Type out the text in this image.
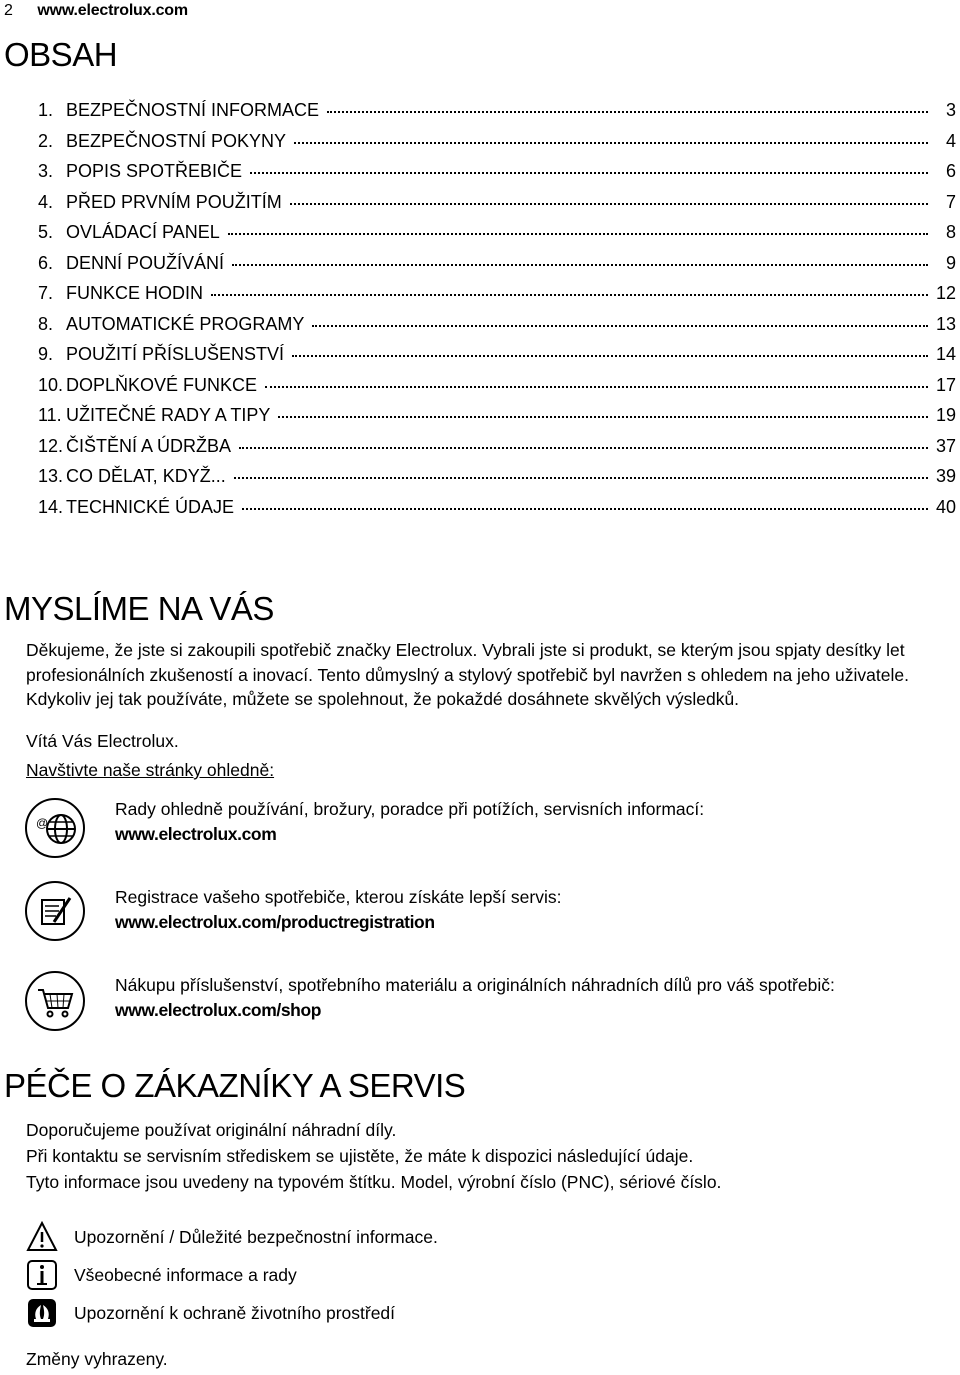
2 www.electrolux.com
OBSAH
1. BEZPEČNOSTNÍ INFORMACE	3
2. BEZPEČNOSTNÍ POKYNY	4
3. POPIS SPOTŘEBIČE	6
4. PŘED PRVNÍM POUŽITÍM	7
5. OVLÁDACÍ PANEL	8
6. DENNÍ POUŽÍVÁNÍ	9
7. FUNKCE HODIN	12
8. AUTOMATICKÉ PROGRAMY	13
9. POUŽITÍ PŘÍSLUŠENSTVÍ	14
10. DOPLŇKOVÉ FUNKCE	17
11. UŽITEČNÉ RADY A TIPY	19
12. ČIŠTĚNÍ A ÚDRŽBA	37
13. CO DĚLAT, KDYŽ...	39
14. TECHNICKÉ ÚDAJE	40
MYSLÍME NA VÁS
Děkujeme, že jste si zakoupili spotřebič značky Electrolux. Vybrali jste si produkt, se kterým jsou spjaty desítky let profesionálních zkušeností a inovací. Tento důmyslný a stylový spotřebič byl navržen s ohledem na jeho uživatele. Kdykoliv jej tak používáte, můžete se spolehnout, že pokaždé dosáhnete skvělých výsledků.
Vítá Vás Electrolux.
Navštivte naše stránky ohledně:
@
Rady ohledně používání, brožury, poradce při potížích, servisních informací:
www.electrolux.com
Registrace vašeho spotřebiče, kterou získáte lepší servis:
www.electrolux.com/productregistration
Nákupu příslušenství, spotřebního materiálu a originálních náhradních dílů pro váš spotřebič:
www.electrolux.com/shop
PÉČE O ZÁKAZNÍKY A SERVIS
Doporučujeme používat originální náhradní díly.
Při kontaktu se servisním střediskem se ujistěte, že máte k dispozici následující údaje.
Tyto informace jsou uvedeny na typovém štítku. Model, výrobní číslo (PNC), sériové číslo.
Upozornění / Důležité bezpečnostní informace.
Všeobecné informace a rady
Upozornění k ochraně životního prostředí
Změny vyhrazeny.
